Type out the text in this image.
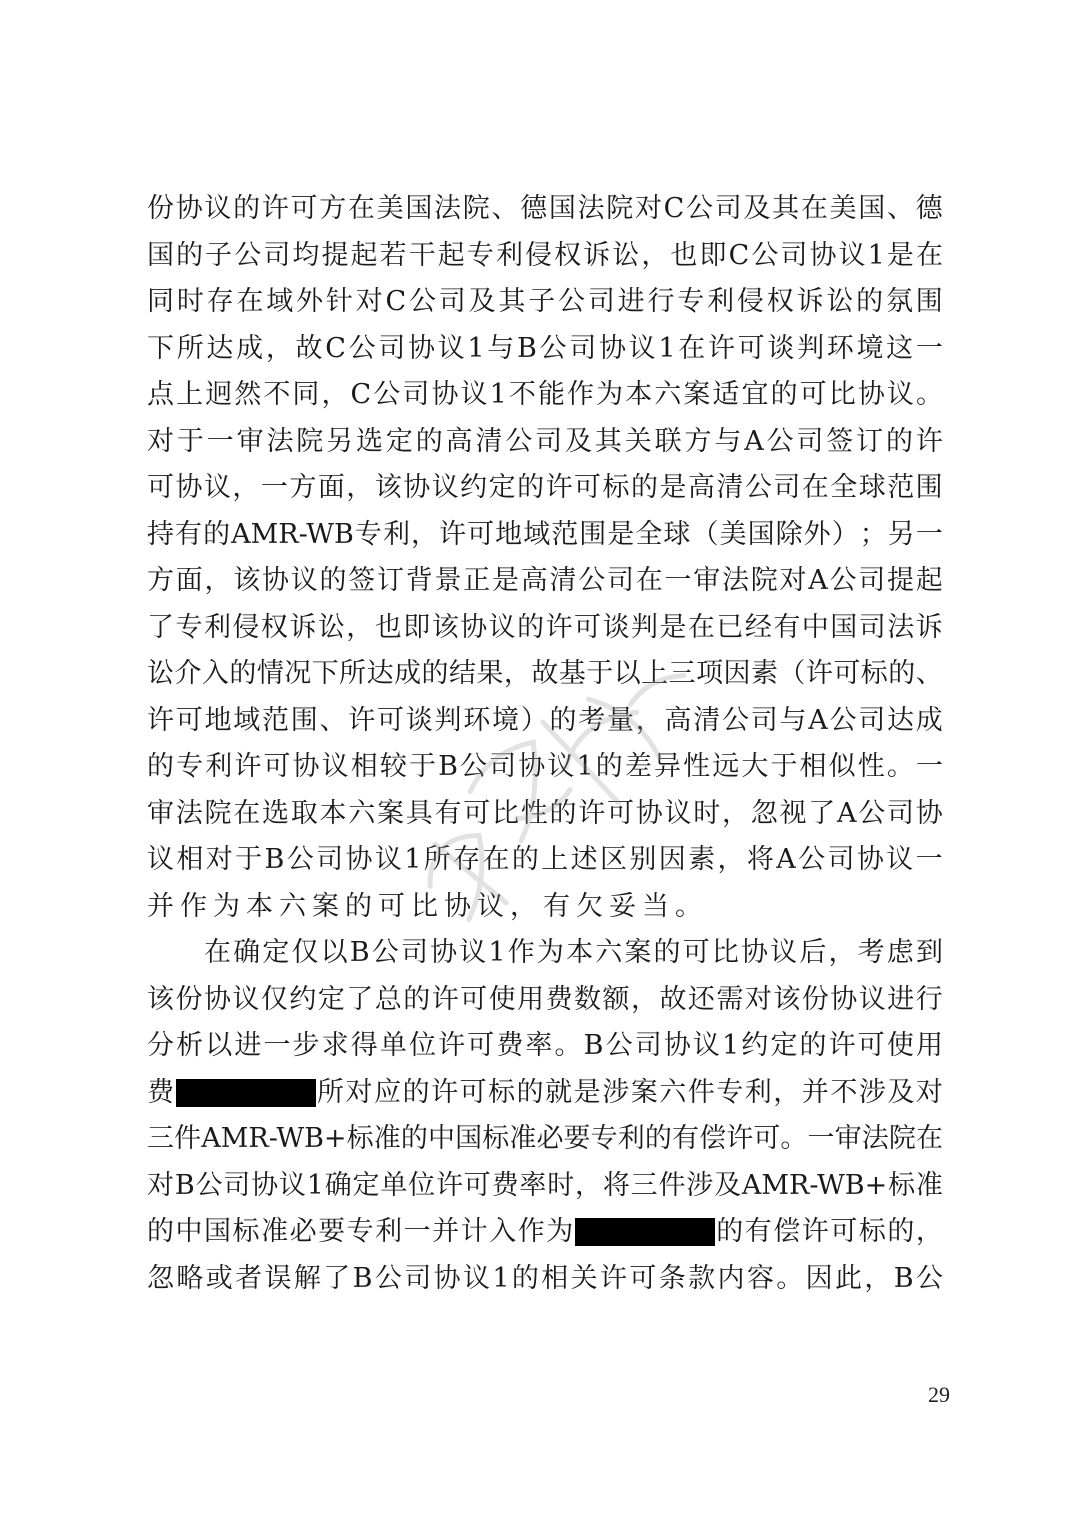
份 协 议 的 许 可 方 在 美 国 法 院 、 德 国 法 院 对 C 公 司 及 其 在 美 国 、 德
国 的 子 公 司 均 提 起 若 干 起 专 利 侵 权 诉 讼 ， 也 即 C 公 司 协 议 1 是 在
同 时 存 在 域 外 针 对 C 公 司 及 其 子 公 司 进 行 专 利 侵 权 诉 讼 的 氛 围
下 所 达 成 ， 故 C 公 司 协 议 1 与 B 公 司 协 议 1 在 许 可 谈 判 环 境 这 一
点 上 迥 然 不 同 ， C 公 司 协 议 1 不 能 作 为 本 六 案 适 宜 的 可 比 协 议 。
对 于 一 审 法 院 另 选 定 的 高 清 公 司 及 其 关 联 方 与 A 公 司 签 订 的 许
可 协 议 ， 一 方 面 ， 该 协 议 约 定 的 许 可 标 的 是 高 清 公 司 在 全 球 范 围
持 有 的 AMR-WB 专 利 ， 许 可 地 域 范 围 是 全 球 （ 美 国 除 外 ） ； 另 一
方 面 ， 该 协 议 的 签 订 背 景 正 是 高 清 公 司 在 一 审 法 院 对 A 公 司 提 起
了 专 利 侵 权 诉 讼 ， 也 即 该 协 议 的 许 可 谈 判 是 在 已 经 有 中 国 司 法 诉
讼 介 入 的 情 况 下 所 达 成 的 结 果 ， 故 基 于 以 上 三 项 因 素 （ 许 可 标 的 、
许 可 地 域 范 围 、 许 可 谈 判 环 境 ） 的 考 量 ， 高 清 公 司 与 A 公 司 达 成
的 专 利 许 可 协 议 相 较 于 B 公 司 协 议 1 的 差 异 性 远 大 于 相 似 性 。 一
审 法 院 在 选 取 本 六 案 具 有 可 比 性 的 许 可 协 议 时 ， 忽 视 了 A 公 司 协
议 相 对 于 B 公 司 协 议 1 所 存 在 的 上 述 区 别 因 素 ， 将 A 公 司 协 议 一
并 作 为 本 六 案 的 可 比 协 议 ， 有 欠 妥 当 。
在 确 定 仅 以 B 公 司 协 议 1 作 为 本 六 案 的 可 比 协 议 后 ， 考 虑 到
该 份 协 议 仅 约 定 了 总 的 许 可 使 用 费 数 额 ， 故 还 需 对 该 份 协 议 进 行
分 析 以 进 一 步 求 得 单 位 许 可 费 率 。 B 公 司 协 议 1 约 定 的 许 可 使 用
费	所 对 应 的 许 可 标 的 就 是 涉 案 六 件 专 利 ， 并 不 涉 及 对
三 件 AMR-WB+ 标 准 的 中 国 标 准 必 要 专 利 的 有 偿 许 可 。 一 审 法 院 在
对 B 公 司 协 议 1 确 定 单 位 许 可 费 率 时 ， 将 三 件 涉 及 AMR-WB+ 标 准
的 中 国 标 准 必 要 专 利 一 并 计 入 作 为	的 有 偿 许 可 标 的 ，
忽 略 或 者 误 解 了 B 公 司 协 议 1 的 相 关 许 可 条 款 内 容 。 因 此 ， B 公
29
